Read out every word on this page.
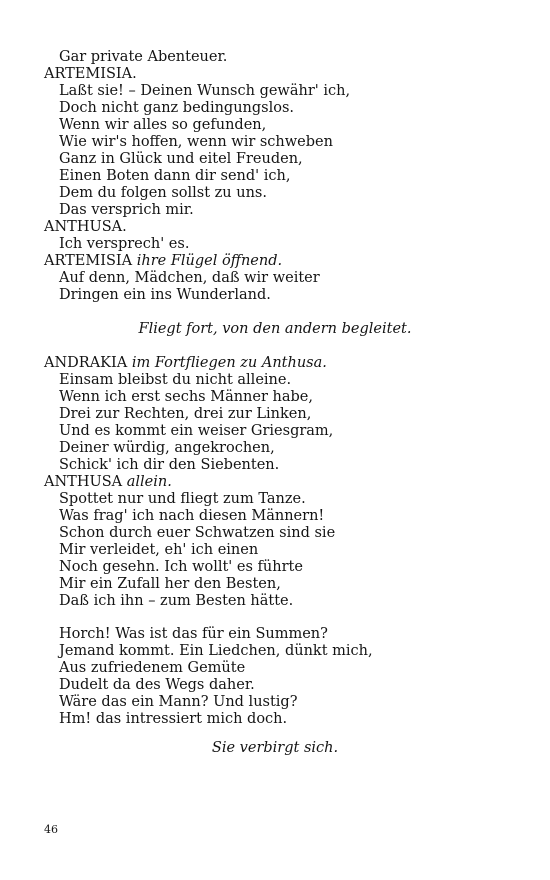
Gar private Abenteuer.
ARTEMISIA.
Laßt sie! – Deinen Wunsch gewähr' ich,
Doch nicht ganz bedingungslos.
Wenn wir alles so gefunden,
Wie wir's hoffen, wenn wir schweben
Ganz in Glück und eitel Freuden,
Einen Boten dann dir send' ich,
Dem du folgen sollst zu uns.
Das versprich mir.
ANTHUSA.
Ich versprech' es.
ARTEMISIA ihre Flügel öffnend.
Auf denn, Mädchen, daß wir weiter
Dringen ein ins Wunderland.
Fliegt fort, von den andern begleitet.
ANDRAKIA im Fortfliegen zu Anthusa.
Einsam bleibst du nicht alleine.
Wenn ich erst sechs Männer habe,
Drei zur Rechten, drei zur Linken,
Und es kommt ein weiser Griesgram,
Deiner würdig, angekrochen,
Schick' ich dir den Siebenten.
ANTHUSA allein.
Spottet nur und fliegt zum Tanze.
Was frag' ich nach diesen Männern!
Schon durch euer Schwatzen sind sie
Mir verleidet, eh' ich einen
Noch gesehn. Ich wollt' es führte
Mir ein Zufall her den Besten,
Daß ich ihn – zum Besten hätte.
Horch! Was ist das für ein Summen?
Jemand kommt. Ein Liedchen, dünkt mich,
Aus zufriedenem Gemüte
Dudelt da des Wegs daher.
Wäre das ein Mann? Und lustig?
Hm! das intressiert mich doch.
Sie verbirgt sich.
46
